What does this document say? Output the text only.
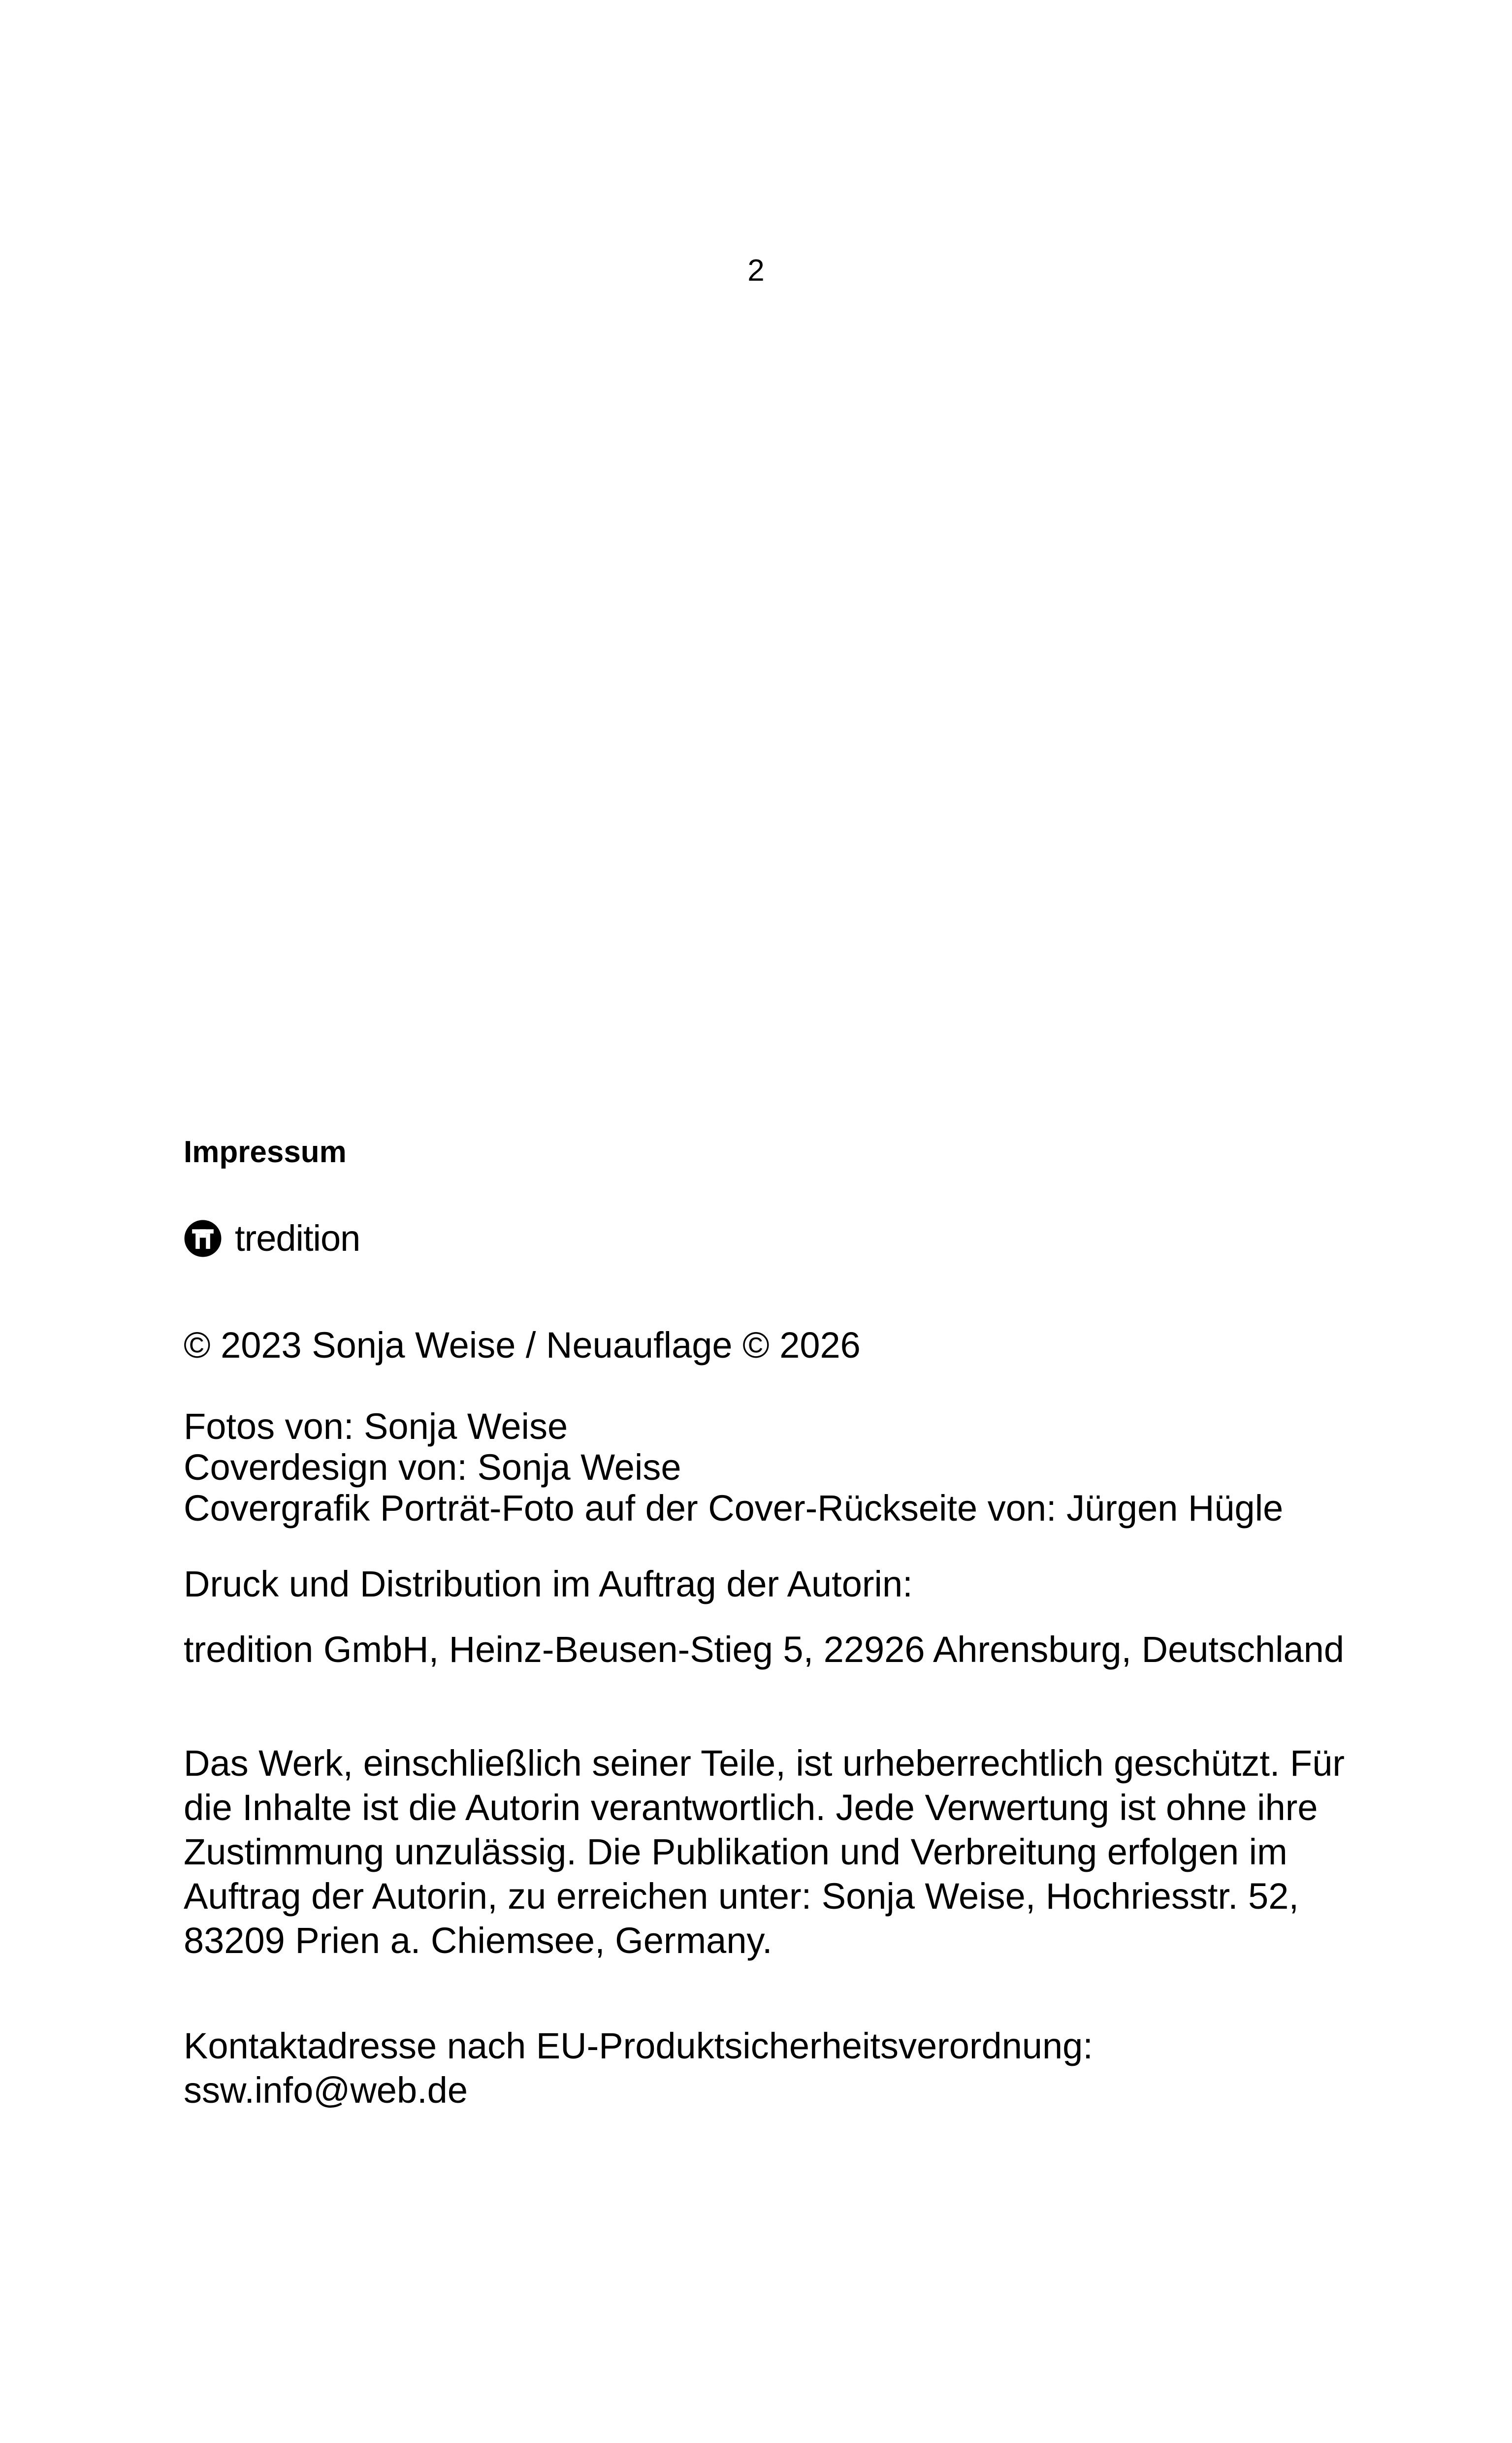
2
Impressum
tredition
© 2023 Sonja Weise / Neuauflage © 2026
Fotos von: Sonja Weise
Coverdesign von: Sonja Weise
Covergrafik Porträt-Foto auf der Cover-Rückseite von: Jürgen Hügle
Druck und Distribution im Auftrag der Autorin:
tredition GmbH, Heinz-Beusen-Stieg 5, 22926 Ahrensburg, Deutschland
Das Werk, einschließlich seiner Teile, ist urheberrechtlich geschützt. Für
die Inhalte ist die Autorin verantwortlich. Jede Verwertung ist ohne ihre
Zustimmung unzulässig. Die Publikation und Verbreitung erfolgen im
Auftrag der Autorin, zu erreichen unter: Sonja Weise, Hochriesstr. 52,
83209 Prien a. Chiemsee, Germany.
Kontaktadresse nach EU-Produktsicherheitsverordnung:
ssw.info@web.de
